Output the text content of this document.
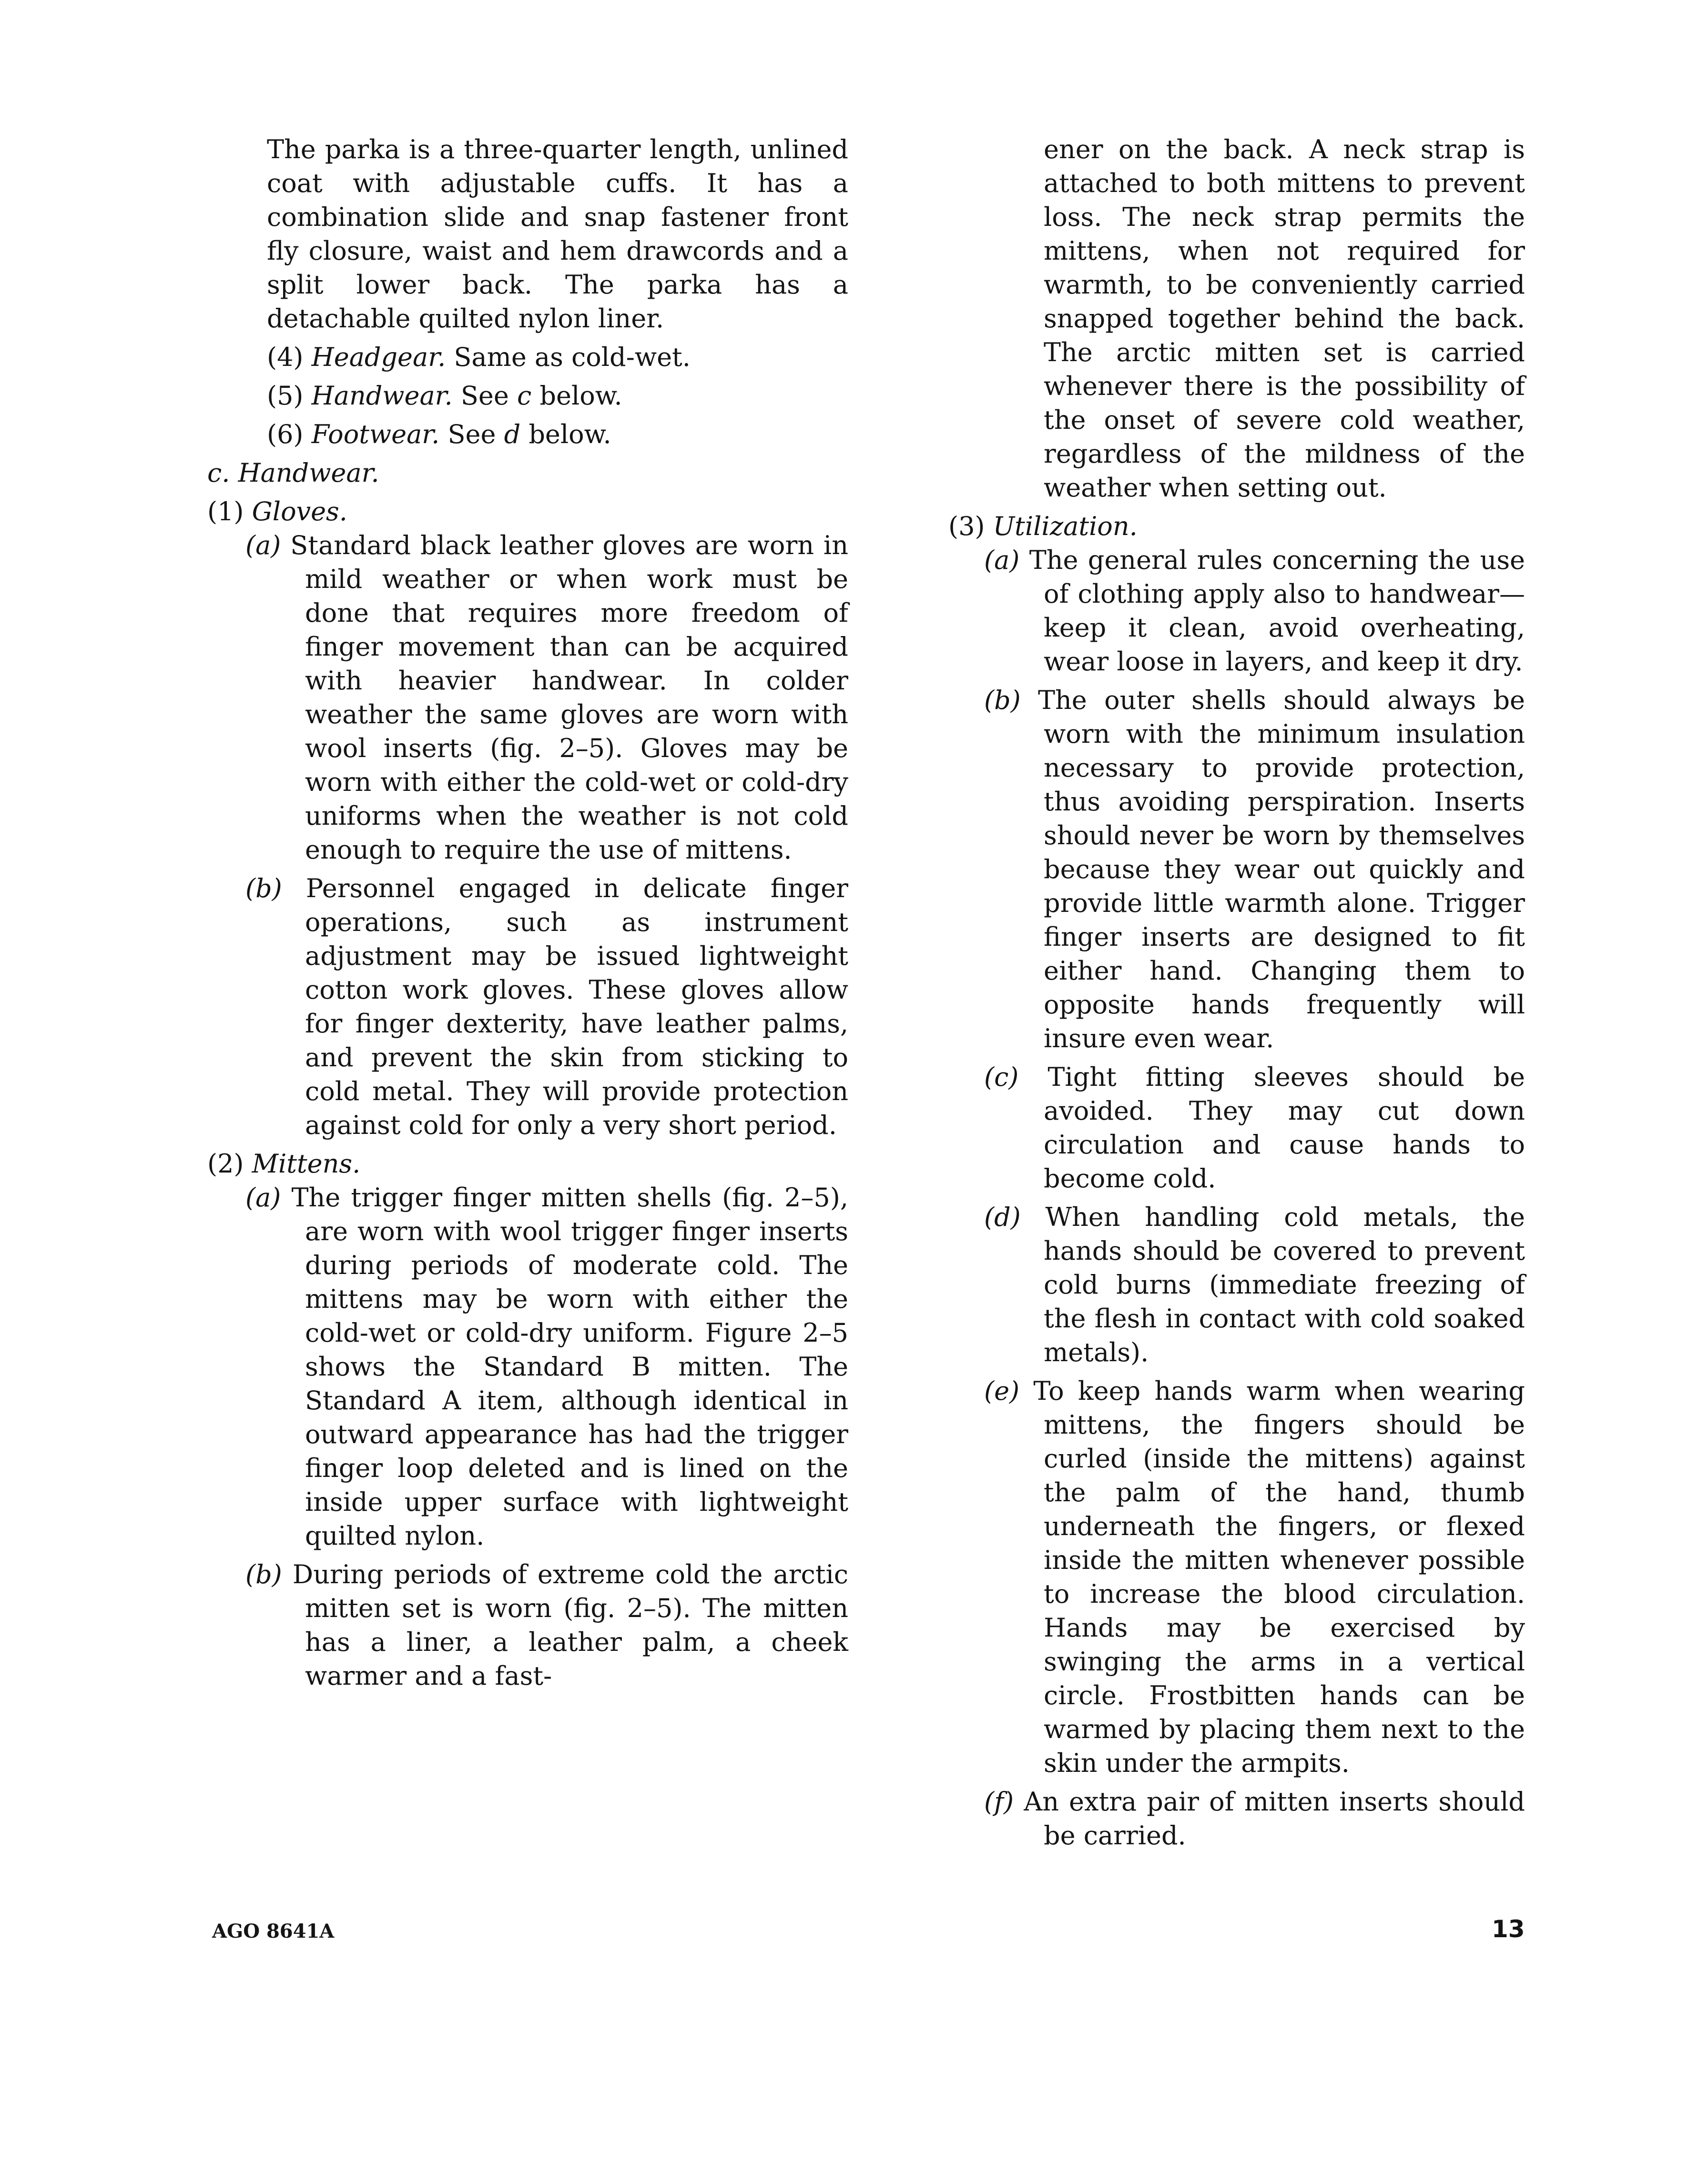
The parka is a three-quarter length, unlined coat with adjustable cuffs. It has a combination slide and snap fastener front fly closure, waist and hem drawcords and a split lower back. The parka has a detachable quilted nylon liner.

(4) Headgear. Same as cold-wet.

(5) Handwear. See c below.

(6) Footwear. See d below.

c. Handwear.

(1) Gloves.

(a) Standard black leather gloves are worn in mild weather or when work must be done that requires more freedom of finger movement than can be acquired with heavier handwear. In colder weather the same gloves are worn with wool inserts (fig. 2–5). Gloves may be worn with either the cold-wet or cold-dry uniforms when the weather is not cold enough to require the use of mittens.

(b) Personnel engaged in delicate finger operations, such as instrument adjustment may be issued lightweight cotton work gloves. These gloves allow for finger dexterity, have leather palms, and prevent the skin from sticking to cold metal. They will provide protection against cold for only a very short period.

(2) Mittens.

(a) The trigger finger mitten shells (fig. 2–5), are worn with wool trigger finger inserts during periods of moderate cold. The mittens may be worn with either the cold-wet or cold-dry uniform. Figure 2–5 shows the Standard B mitten. The Standard A item, although identical in outward appearance has had the trigger finger loop deleted and is lined on the inside upper surface with lightweight quilted nylon.

(b) During periods of extreme cold the arctic mitten set is worn (fig. 2–5). The mitten has a liner, a leather palm, a cheek warmer and a fast-

ener on the back. A neck strap is attached to both mittens to prevent loss. The neck strap permits the mittens, when not required for warmth, to be conveniently carried snapped together behind the back. The arctic mitten set is carried whenever there is the possibility of the onset of severe cold weather, regardless of the mildness of the weather when setting out.

(3) Utilization.

(a) The general rules concerning the use of clothing apply also to handwear—keep it clean, avoid overheating, wear loose in layers, and keep it dry.

(b) The outer shells should always be worn with the minimum insulation necessary to provide protection, thus avoiding perspiration. Inserts should never be worn by themselves because they wear out quickly and provide little warmth alone. Trigger finger inserts are designed to fit either hand. Changing them to opposite hands frequently will insure even wear.

(c) Tight fitting sleeves should be avoided. They may cut down circulation and cause hands to become cold.

(d) When handling cold metals, the hands should be covered to prevent cold burns (immediate freezing of the flesh in contact with cold soaked metals).

(e) To keep hands warm when wearing mittens, the fingers should be curled (inside the mittens) against the palm of the hand, thumb underneath the fingers, or flexed inside the mitten whenever possible to increase the blood circulation. Hands may be exercised by swinging the arms in a vertical circle. Frostbitten hands can be warmed by placing them next to the skin under the armpits.

(f) An extra pair of mitten inserts should be carried.

AGO 8641A	13
